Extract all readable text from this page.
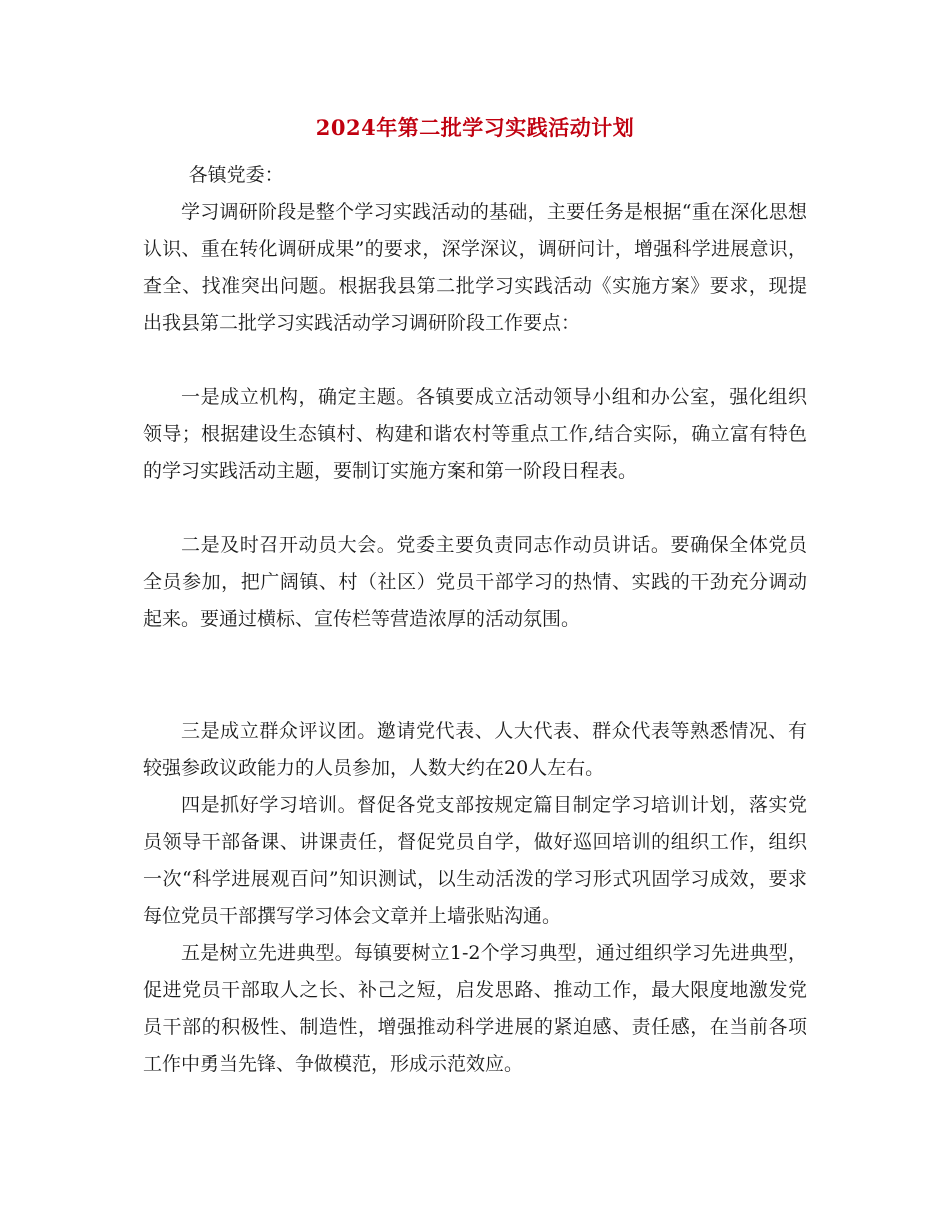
2024年第二批学习实践活动计划

各镇党委：

学习调研阶段是整个学习实践活动的基础，主要任务是根据“重在深化思想认识、重在转化调研成果”的要求，深学深议，调研问计，增强科学进展意识，查全、找准突出问题。根据我县第二批学习实践活动《实施方案》要求，现提出我县第二批学习实践活动学习调研阶段工作要点：

一是成立机构，确定主题。各镇要成立活动领导小组和办公室，强化组织领导；根据建设生态镇村、构建和谐农村等重点工作,结合实际，确立富有特色的学习实践活动主题，要制订实施方案和第一阶段日程表。

二是及时召开动员大会。党委主要负责同志作动员讲话。要确保全体党员全员参加，把广阔镇、村（社区）党员干部学习的热情、实践的干劲充分调动起来。要通过横标、宣传栏等营造浓厚的活动氛围。

三是成立群众评议团。邀请党代表、人大代表、群众代表等熟悉情况、有较强参政议政能力的人员参加，人数大约在20人左右。

四是抓好学习培训。督促各党支部按规定篇目制定学习培训计划，落实党员领导干部备课、讲课责任，督促党员自学，做好巡回培训的组织工作，组织一次“科学进展观百问”知识测试，以生动活泼的学习形式巩固学习成效，要求每位党员干部撰写学习体会文章并上墙张贴沟通。

五是树立先进典型。每镇要树立1-2个学习典型，通过组织学习先进典型，促进党员干部取人之长、补己之短，启发思路、推动工作，最大限度地激发党员干部的积极性、制造性，增强推动科学进展的紧迫感、责任感，在当前各项工作中勇当先锋、争做模范，形成示范效应。
